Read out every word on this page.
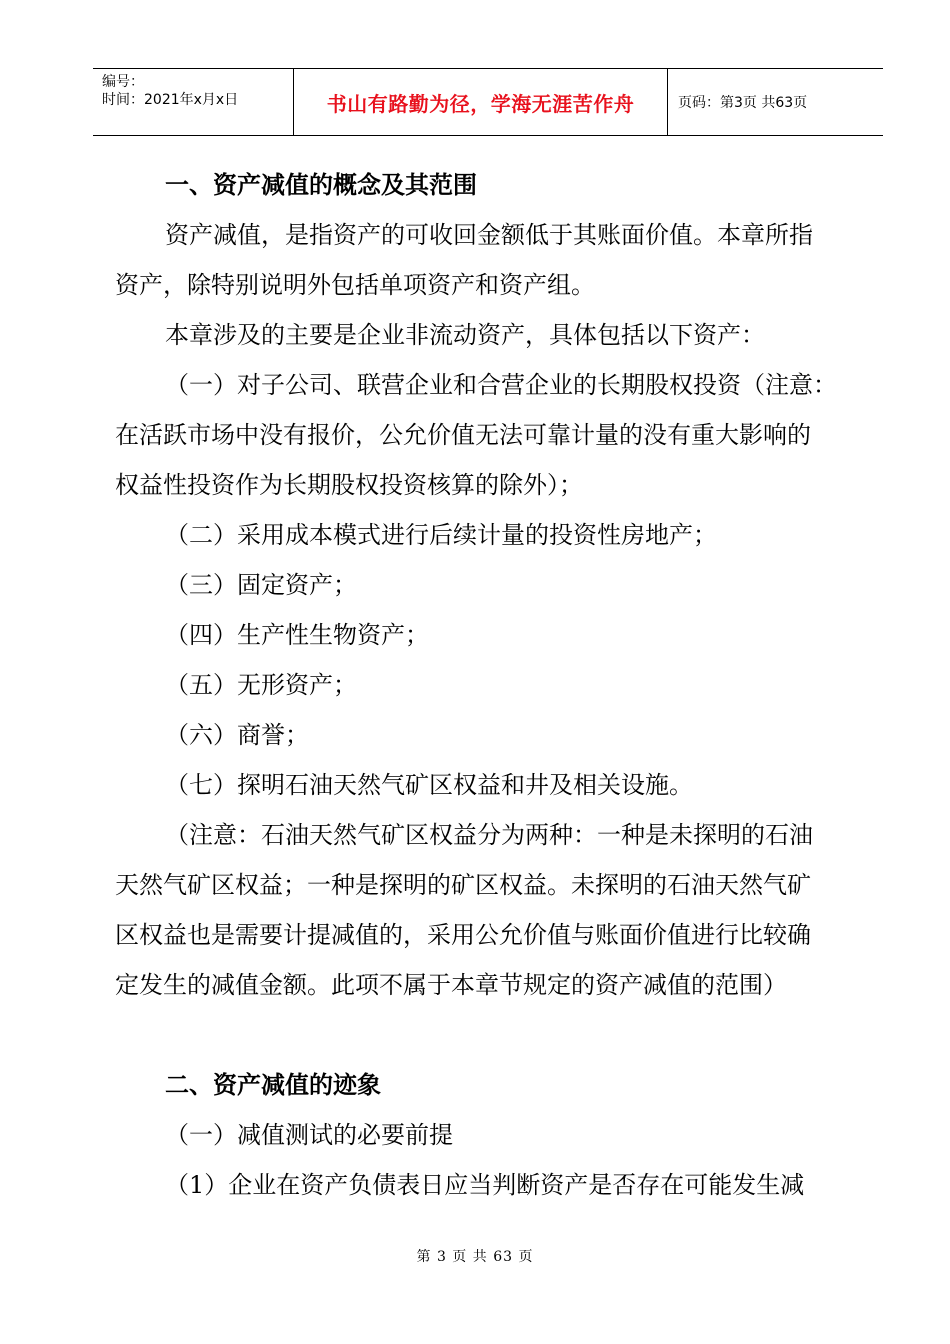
编号：
时间：2021年x月x日	书山有路勤为径，学海无涯苦作舟	页码：第3页 共63页
一、资产减值的概念及其范围
资产减值，是指资产的可收回金额低于其账面价值。本章所指
资产，除特别说明外包括单项资产和资产组。
本章涉及的主要是企业非流动资产，具体包括以下资产：
（一）对子公司、联营企业和合营企业的长期股权投资（注意：
在活跃市场中没有报价，公允价值无法可靠计量的没有重大影响的
权益性投资作为长期股权投资核算的除外）；
（二）采用成本模式进行后续计量的投资性房地产；
（三）固定资产；
（四）生产性生物资产；
（五）无形资产；
（六）商誉；
（七）探明石油天然气矿区权益和井及相关设施。
（注意：石油天然气矿区权益分为两种：一种是未探明的石油
天然气矿区权益；一种是探明的矿区权益。未探明的石油天然气矿
区权益也是需要计提减值的，采用公允价值与账面价值进行比较确
定发生的减值金额。此项不属于本章节规定的资产减值的范围）
二、资产减值的迹象
（一）减值测试的必要前提
（1）企业在资产负债表日应当判断资产是否存在可能发生减
第 3 页 共 63 页
